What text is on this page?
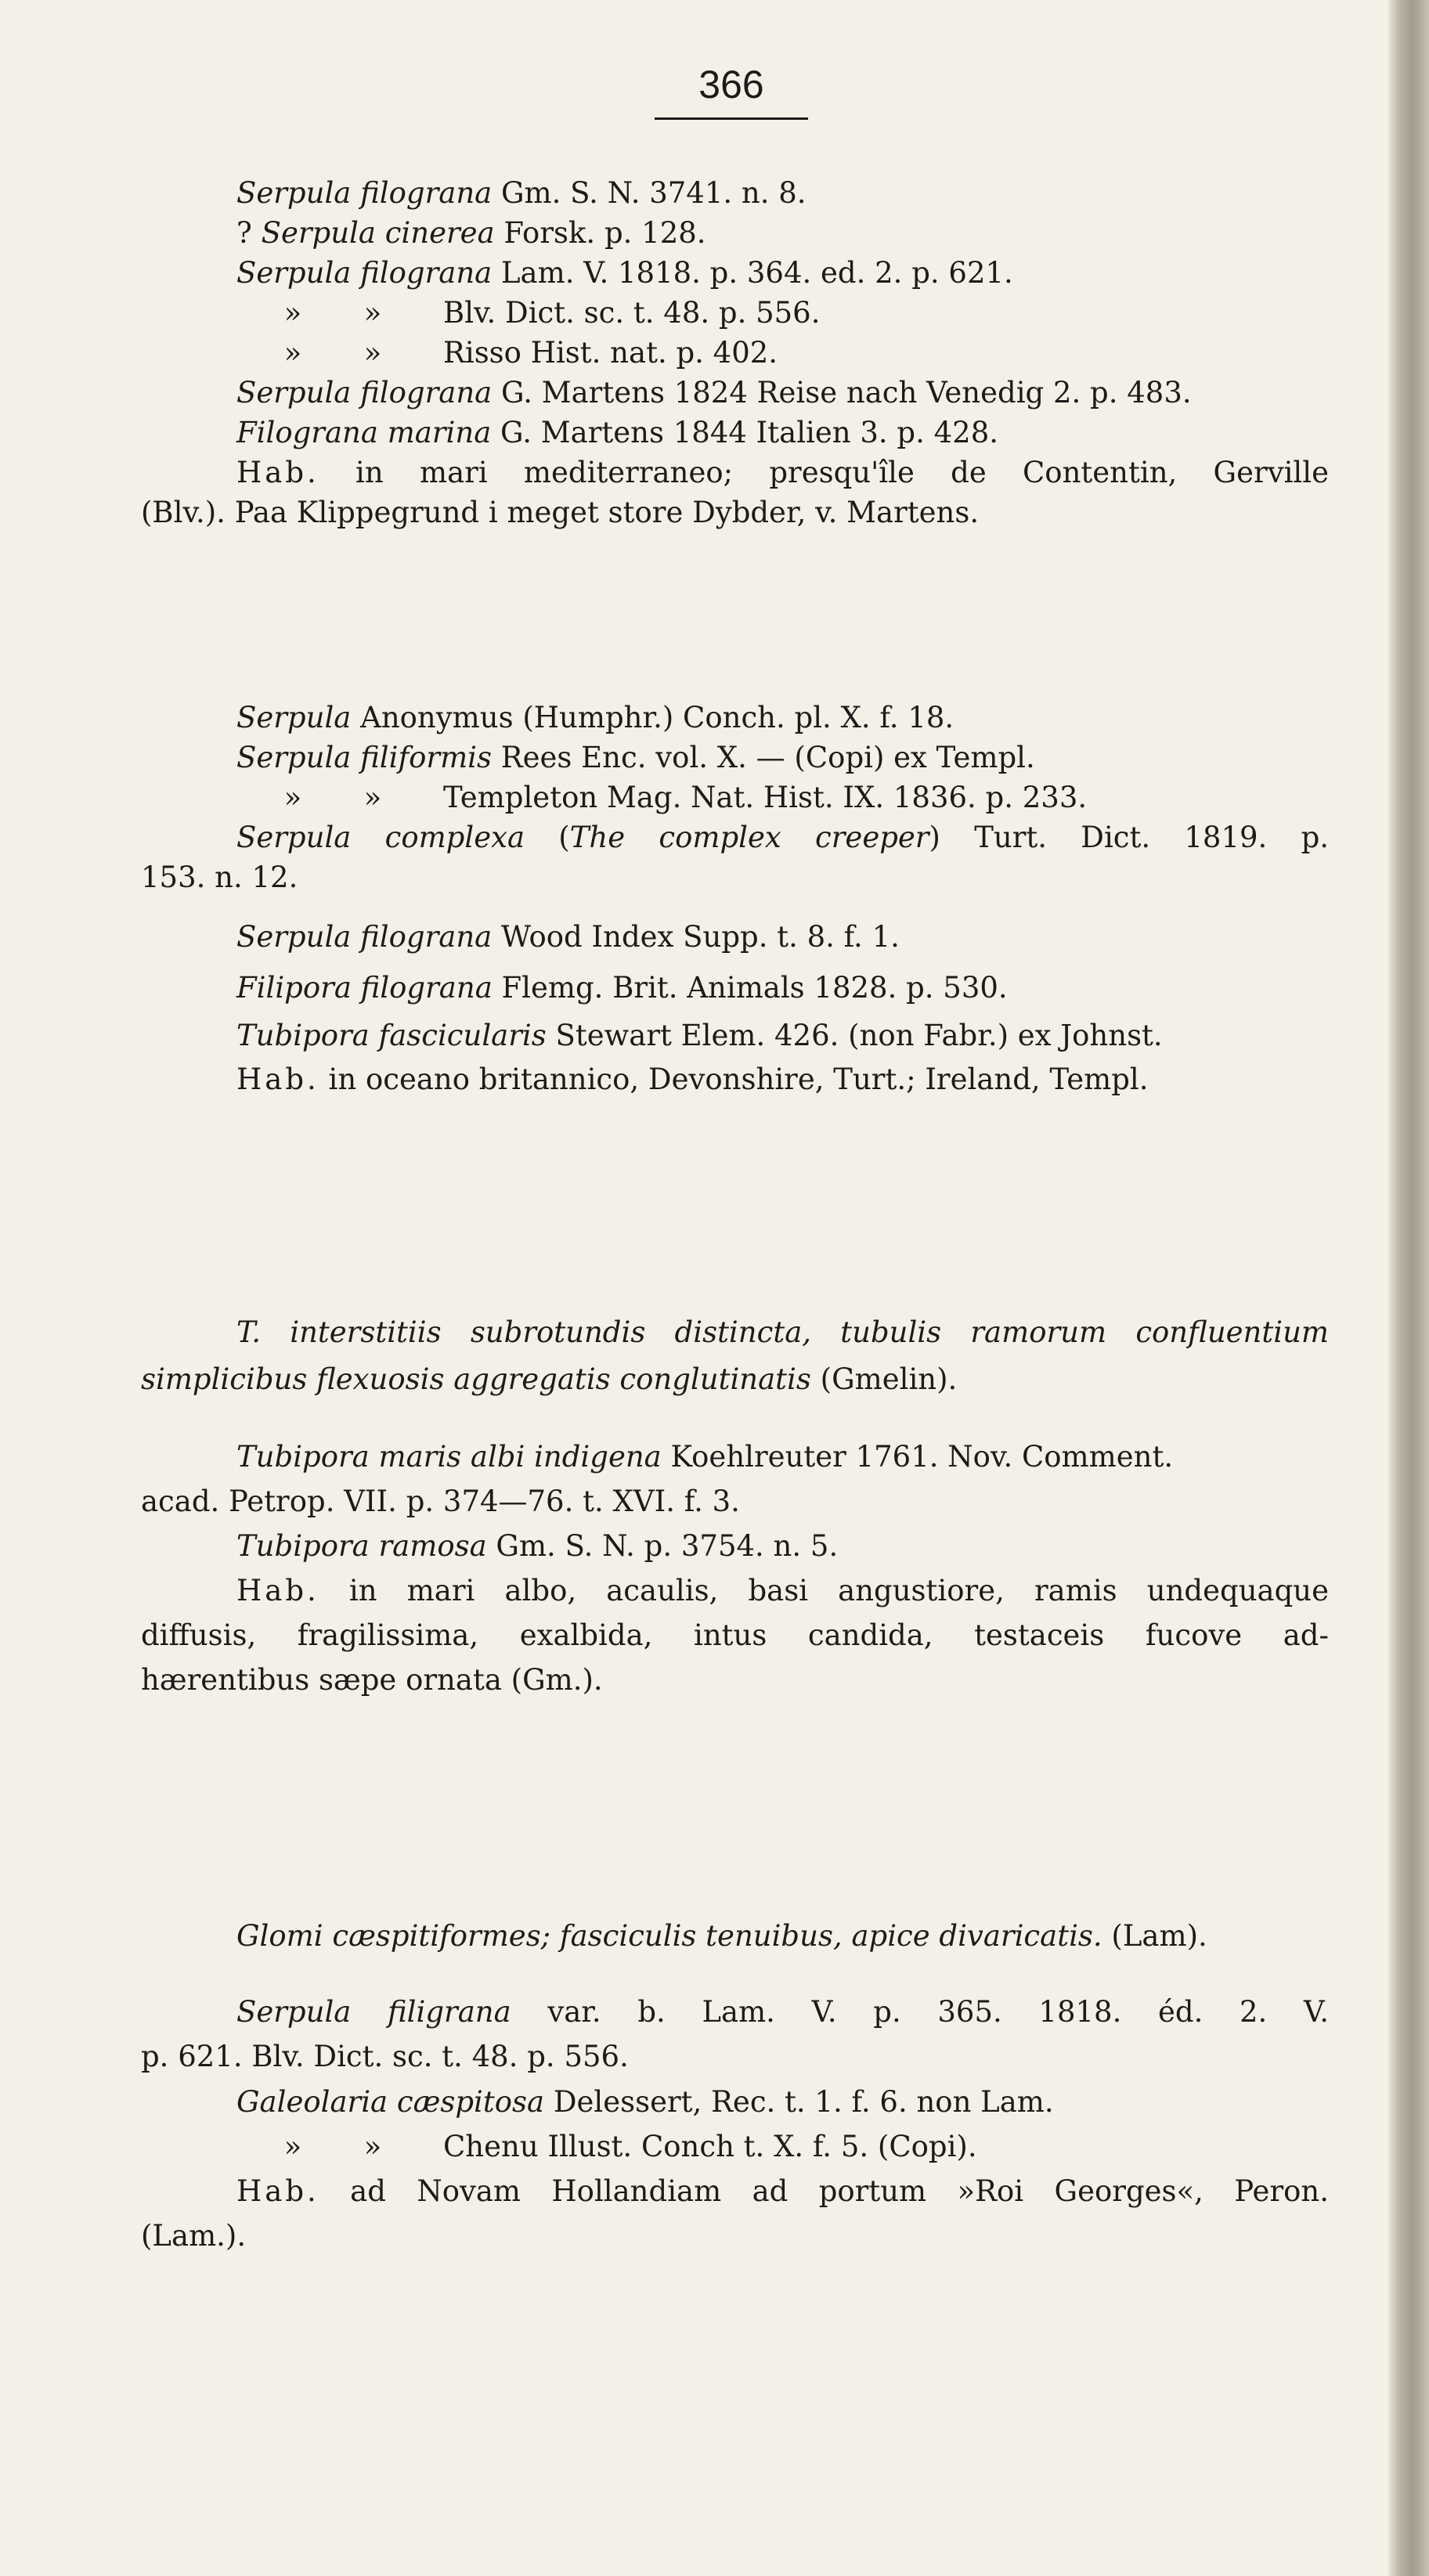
366

Serpula filograna Gm. S. N. 3741. n. 8.

? Serpula cinerea Forsk. p. 128.

Serpula filograna Lam. V. 1818. p. 364. ed. 2. p. 621.

» » Blv. Dict. sc. t. 48. p. 556.

» » Risso Hist. nat. p. 402.

Serpula filograna G. Martens 1824 Reise nach Venedig 2. p. 483.

Filograna marina G. Martens 1844 Italien 3. p. 428.

Hab. in mari mediterraneo; presqu'île de Contentin, Gerville

(Blv.). Paa Klippegrund i meget store Dybder, v. Martens.

Serpula Anonymus (Humphr.) Conch. pl. X. f. 18.

Serpula filiformis Rees Enc. vol. X. — (Copi) ex Templ.

» » Templeton Mag. Nat. Hist. IX. 1836. p. 233.

Serpula complexa (The complex creeper) Turt. Dict. 1819. p.

153. n. 12.

Serpula filograna Wood Index Supp. t. 8. f. 1.

Filipora filograna Flemg. Brit. Animals 1828. p. 530.

Tubipora fascicularis Stewart Elem. 426. (non Fabr.) ex Johnst.

Hab. in oceano britannico, Devonshire, Turt.; Ireland, Templ.

T. interstitiis subrotundis distincta, tubulis ramorum confluentium

simplicibus flexuosis aggregatis conglutinatis (Gmelin).

Tubipora maris albi indigena Koehlreuter 1761. Nov. Comment.

acad. Petrop. VII. p. 374—76. t. XVI. f. 3.

Tubipora ramosa Gm. S. N. p. 3754. n. 5.

Hab. in mari albo, acaulis, basi angustiore, ramis undequaque

diffusis, fragilissima, exalbida, intus candida, testaceis fucove ad-

hærentibus sæpe ornata (Gm.).

Glomi cæspitiformes; fasciculis tenuibus, apice divaricatis. (Lam).

Serpula filigrana var. b. Lam. V. p. 365. 1818. éd. 2. V.

p. 621. Blv. Dict. sc. t. 48. p. 556.

Galeolaria cæspitosa Delessert, Rec. t. 1. f. 6. non Lam.

» » Chenu Illust. Conch t. X. f. 5. (Copi).

Hab. ad Novam Hollandiam ad portum »Roi Georges«, Peron.

(Lam.).
